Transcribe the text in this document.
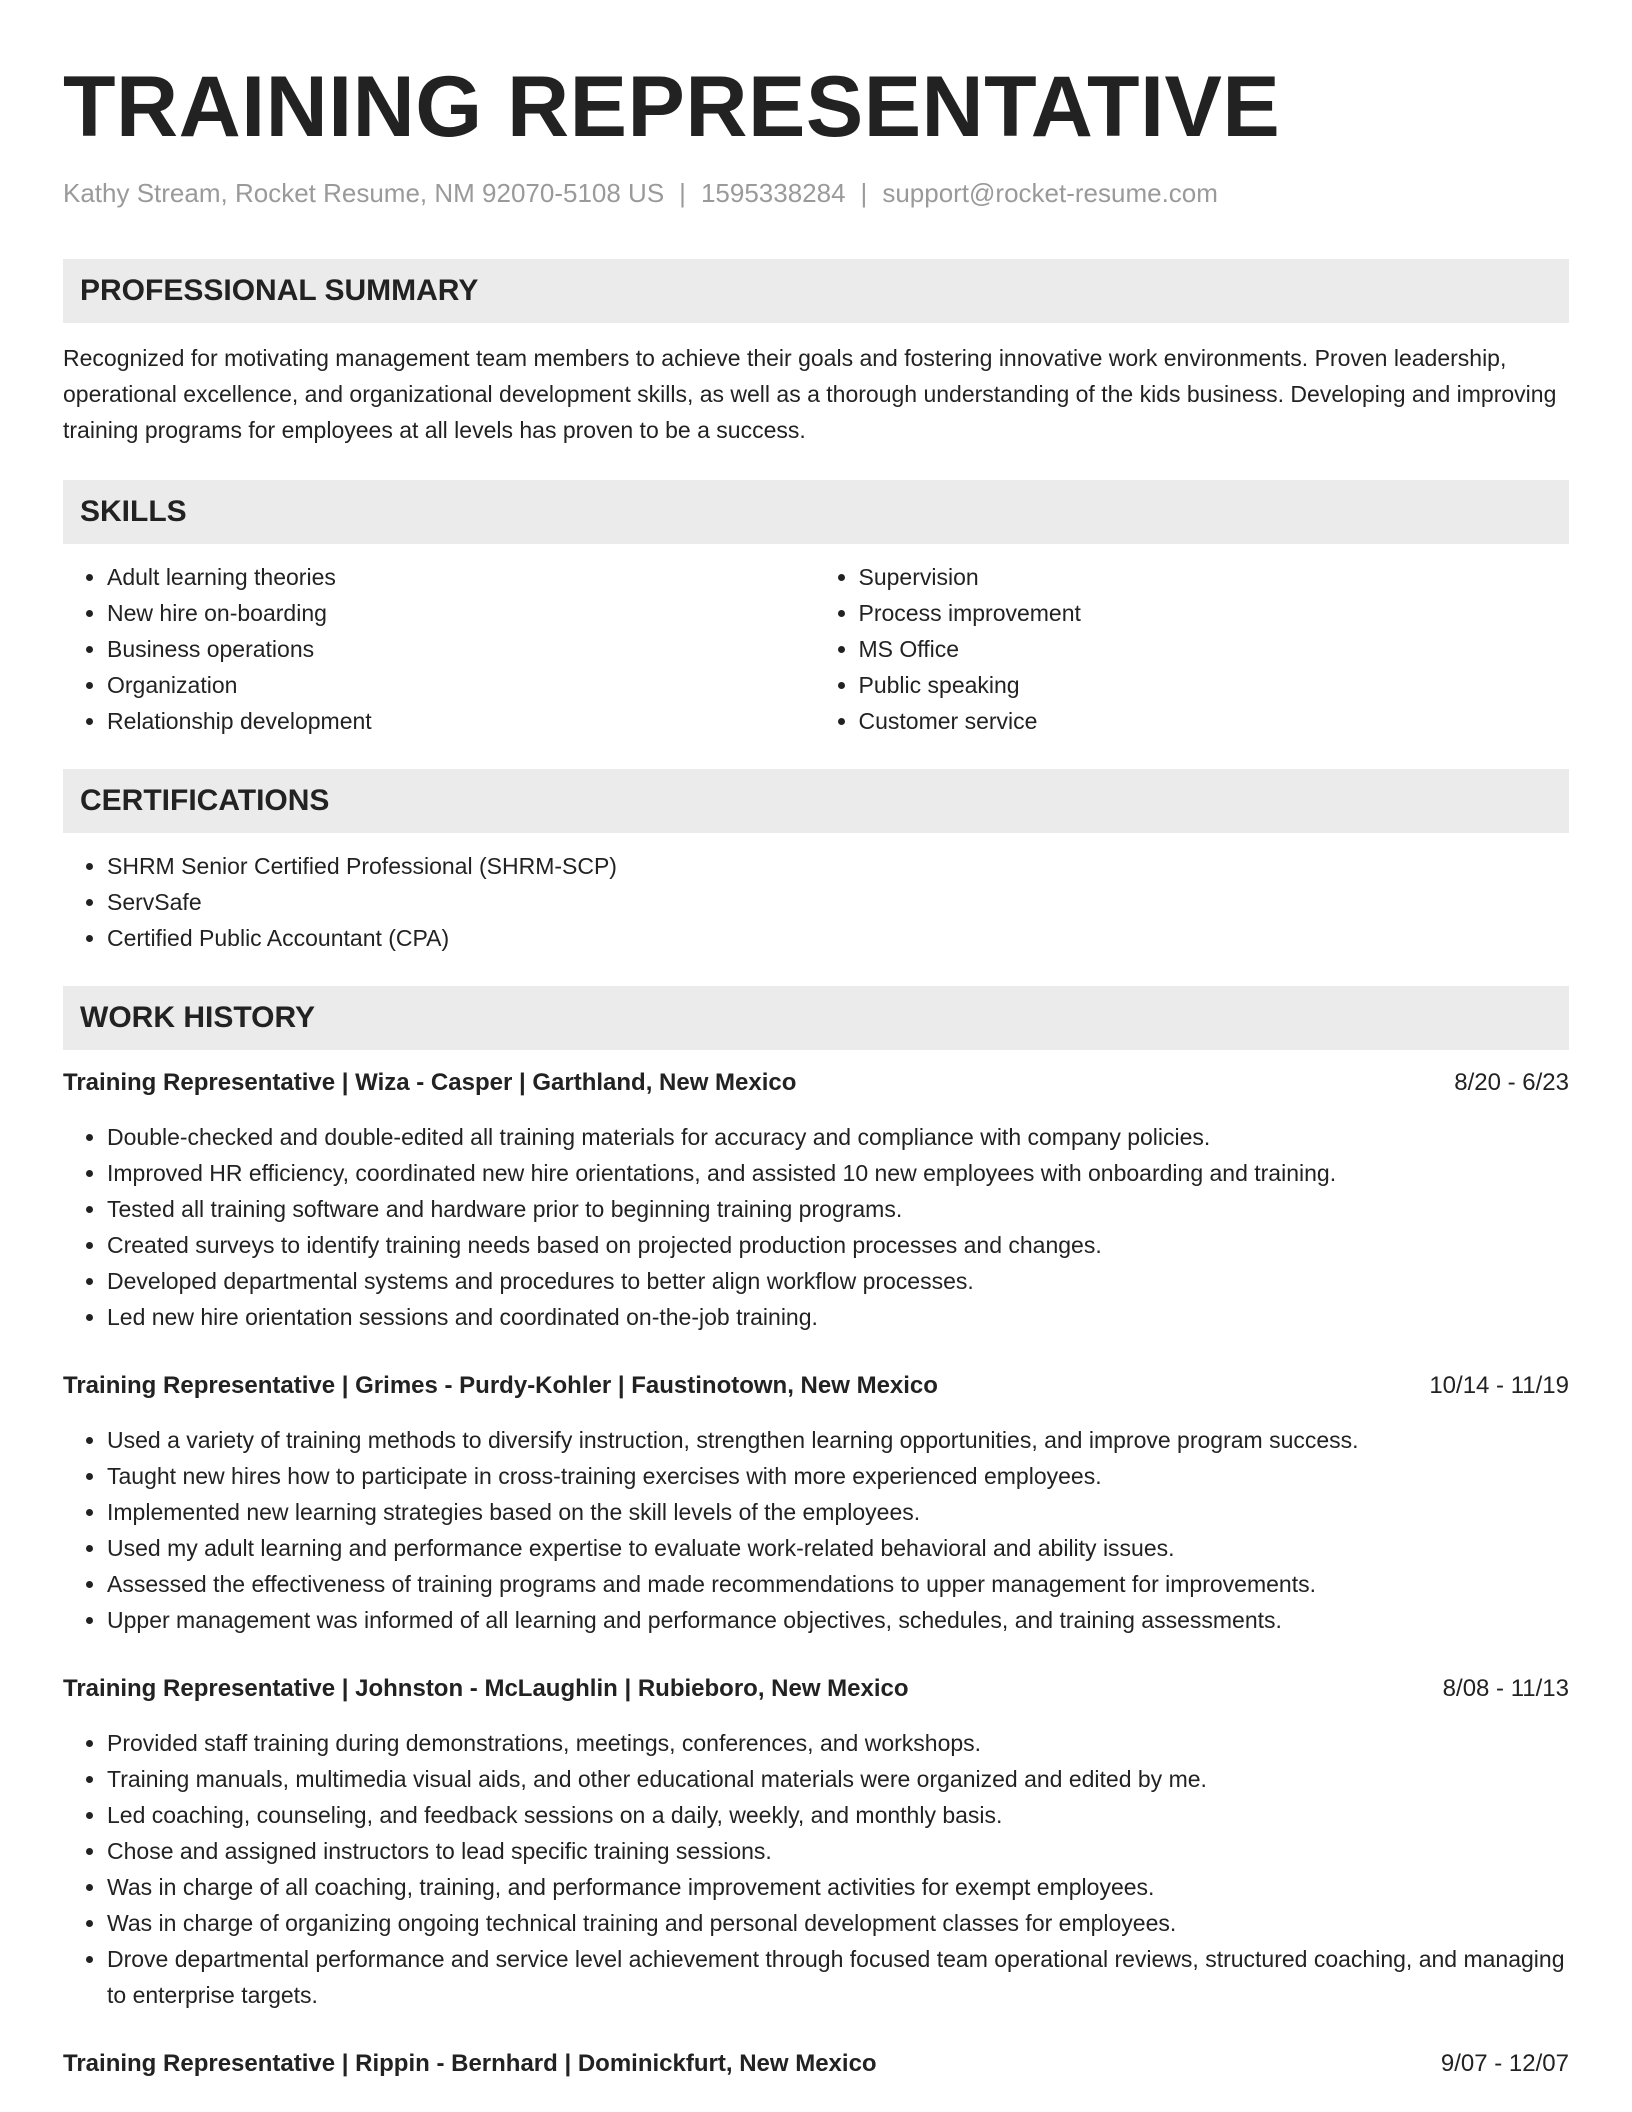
TRAINING REPRESENTATIVE
Kathy Stream, Rocket Resume, NM 92070-5108 US | 1595338284 | support@rocket-resume.com
PROFESSIONAL SUMMARY

Recognized for motivating management team members to achieve their goals and fostering innovative work environments. Proven leadership, operational excellence, and organizational development skills, as well as a thorough understanding of the kids business. Developing and improving training programs for employees at all levels has proven to be a success.

SKILLS
• Adult learning theories
• New hire on-boarding
• Business operations
• Organization
• Relationship development
• Supervision
• Process improvement
• MS Office
• Public speaking
• Customer service
CERTIFICATIONS
• SHRM Senior Certified Professional (SHRM-SCP)
• ServSafe
• Certified Public Accountant (CPA)
WORK HISTORY
Training Representative | Wiza - Casper | Garthland, New Mexico	8/20 - 6/23
• Double-checked and double-edited all training materials for accuracy and compliance with company policies.
• Improved HR efficiency, coordinated new hire orientations, and assisted 10 new employees with onboarding and training.
• Tested all training software and hardware prior to beginning training programs.
• Created surveys to identify training needs based on projected production processes and changes.
• Developed departmental systems and procedures to better align workflow processes.
• Led new hire orientation sessions and coordinated on-the-job training.
Training Representative | Grimes - Purdy-Kohler | Faustinotown, New Mexico	10/14 - 11/19
• Used a variety of training methods to diversify instruction, strengthen learning opportunities, and improve program success.
• Taught new hires how to participate in cross-training exercises with more experienced employees.
• Implemented new learning strategies based on the skill levels of the employees.
• Used my adult learning and performance expertise to evaluate work-related behavioral and ability issues.
• Assessed the effectiveness of training programs and made recommendations to upper management for improvements.
• Upper management was informed of all learning and performance objectives, schedules, and training assessments.
Training Representative | Johnston - McLaughlin | Rubieboro, New Mexico	8/08 - 11/13
• Provided staff training during demonstrations, meetings, conferences, and workshops.
• Training manuals, multimedia visual aids, and other educational materials were organized and edited by me.
• Led coaching, counseling, and feedback sessions on a daily, weekly, and monthly basis.
• Chose and assigned instructors to lead specific training sessions.
• Was in charge of all coaching, training, and performance improvement activities for exempt employees.
• Was in charge of organizing ongoing technical training and personal development classes for employees.
• Drove departmental performance and service level achievement through focused team operational reviews, structured coaching, and managing to enterprise targets.
Training Representative | Rippin - Bernhard | Dominickfurt, New Mexico	9/07 - 12/07
